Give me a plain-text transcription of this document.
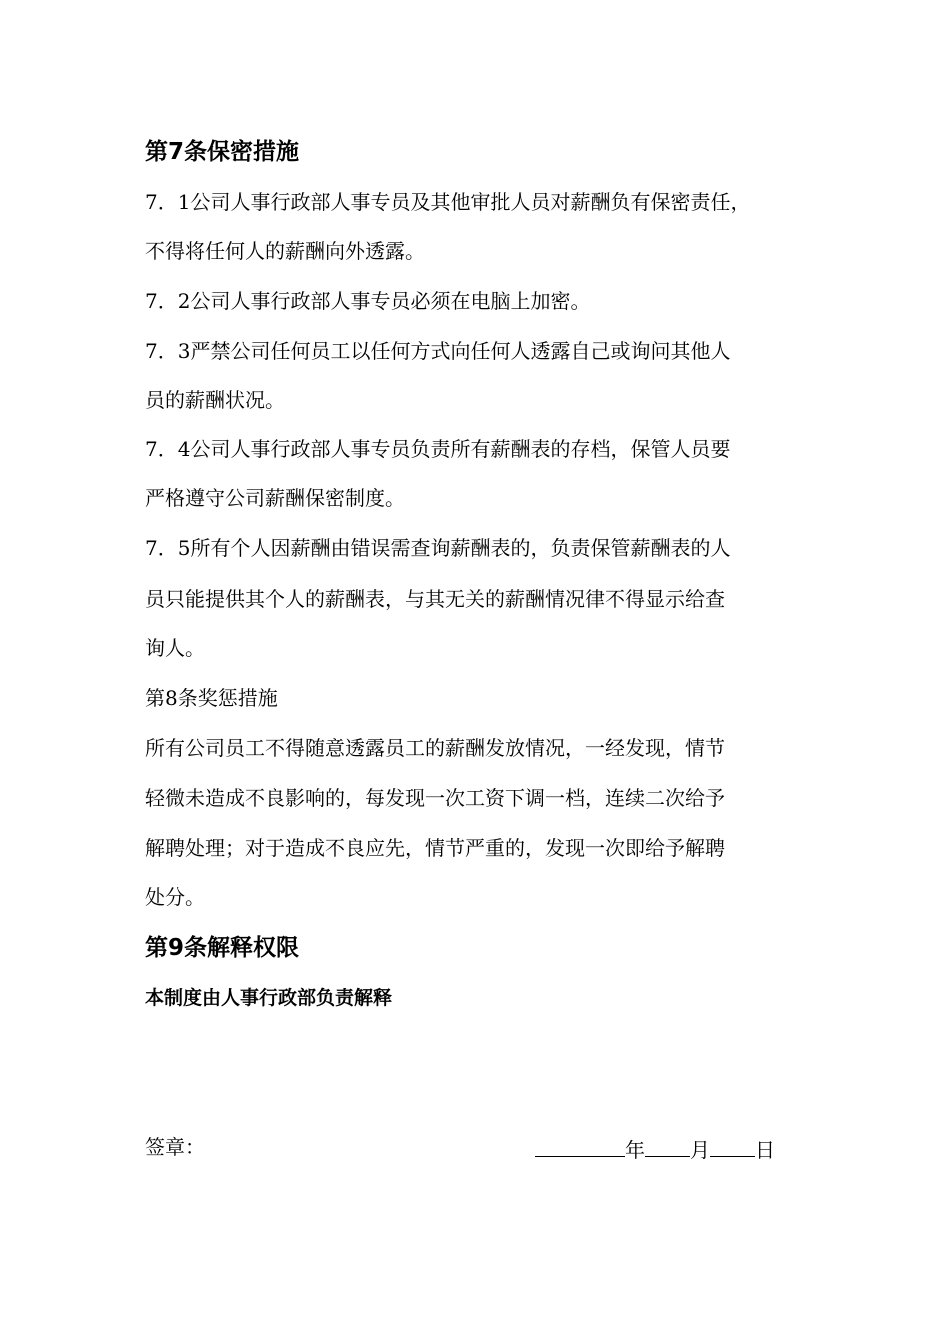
第7条保密措施
7．1公司人事行政部人事专员及其他审批人员对薪酬负有保密责任，
不得将任何人的薪酬向外透露。
7．2公司人事行政部人事专员必须在电脑上加密。
7．3严禁公司任何员工以任何方式向任何人透露自己或询问其他人
员的薪酬状况。
7．4公司人事行政部人事专员负责所有薪酬表的存档，保管人员要
严格遵守公司薪酬保密制度。
7．5所有个人因薪酬由错误需查询薪酬表的，负责保管薪酬表的人
员只能提供其个人的薪酬表，与其无关的薪酬情况律不得显示给查
询人。
第8条奖惩措施
所有公司员工不得随意透露员工的薪酬发放情况，一经发现，情节
轻微未造成不良影响的，每发现一次工资下调一档，连续二次给予
解聘处理；对于造成不良应先，情节严重的，发现一次即给予解聘
处分。
第9条解释权限
本制度由人事行政部负责解释
签章：	年 月 日
